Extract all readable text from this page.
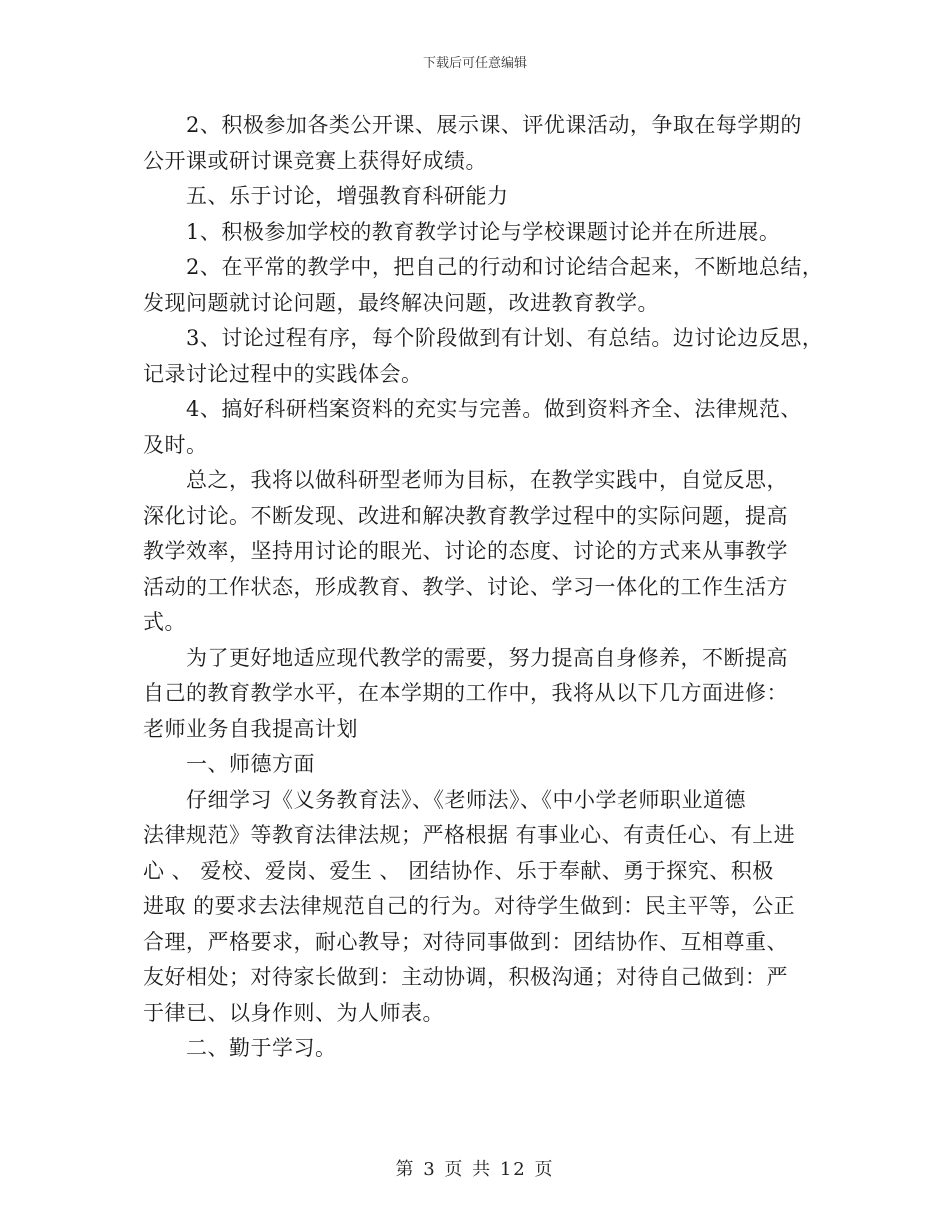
下载后可任意编辑

　　2、积极参加各类公开课、展示课、评优课活动，争取在每学期的

公开课或研讨课竞赛上获得好成绩。

　　五、乐于讨论，增强教育科研能力

　　1、积极参加学校的教育教学讨论与学校课题讨论并在所进展。

　　2、在平常的教学中，把自己的行动和讨论结合起来，不断地总结，

发现问题就讨论问题，最终解决问题，改进教育教学。

　　3、讨论过程有序，每个阶段做到有计划、有总结。边讨论边反思，

记录讨论过程中的实践体会。

　　4、搞好科研档案资料的充实与完善。做到资料齐全、法律规范、

及时。

　　总之，我将以做科研型老师为目标，在教学实践中，自觉反思，

深化讨论。不断发现、改进和解决教育教学过程中的实际问题，提高

教学效率，坚持用讨论的眼光、讨论的态度、讨论的方式来从事教学

活动的工作状态，形成教育、教学、讨论、学习一体化的工作生活方

式。

　　为了更好地适应现代教学的需要，努力提高自身修养，不断提高

自己的教育教学水平，在本学期的工作中，我将从以下几方面进修：

老师业务自我提高计划

　　一、师德方面

　　仔细学习《义务教育法》、《老师法》、《中小学老师职业道德

法律规范》等教育法律法规；严格根据 有事业心、有责任心、有上进

心 、 爱校、爱岗、爱生 、 团结协作、乐于奉献、勇于探究、积极

进取 的要求去法律规范自己的行为。对待学生做到：民主平等，公正

合理，严格要求，耐心教导；对待同事做到：团结协作、互相尊重、

友好相处；对待家长做到：主动协调，积极沟通；对待自己做到：严

于律已、以身作则、为人师表。

　　二、勤于学习。

第 3 页 共 12 页
